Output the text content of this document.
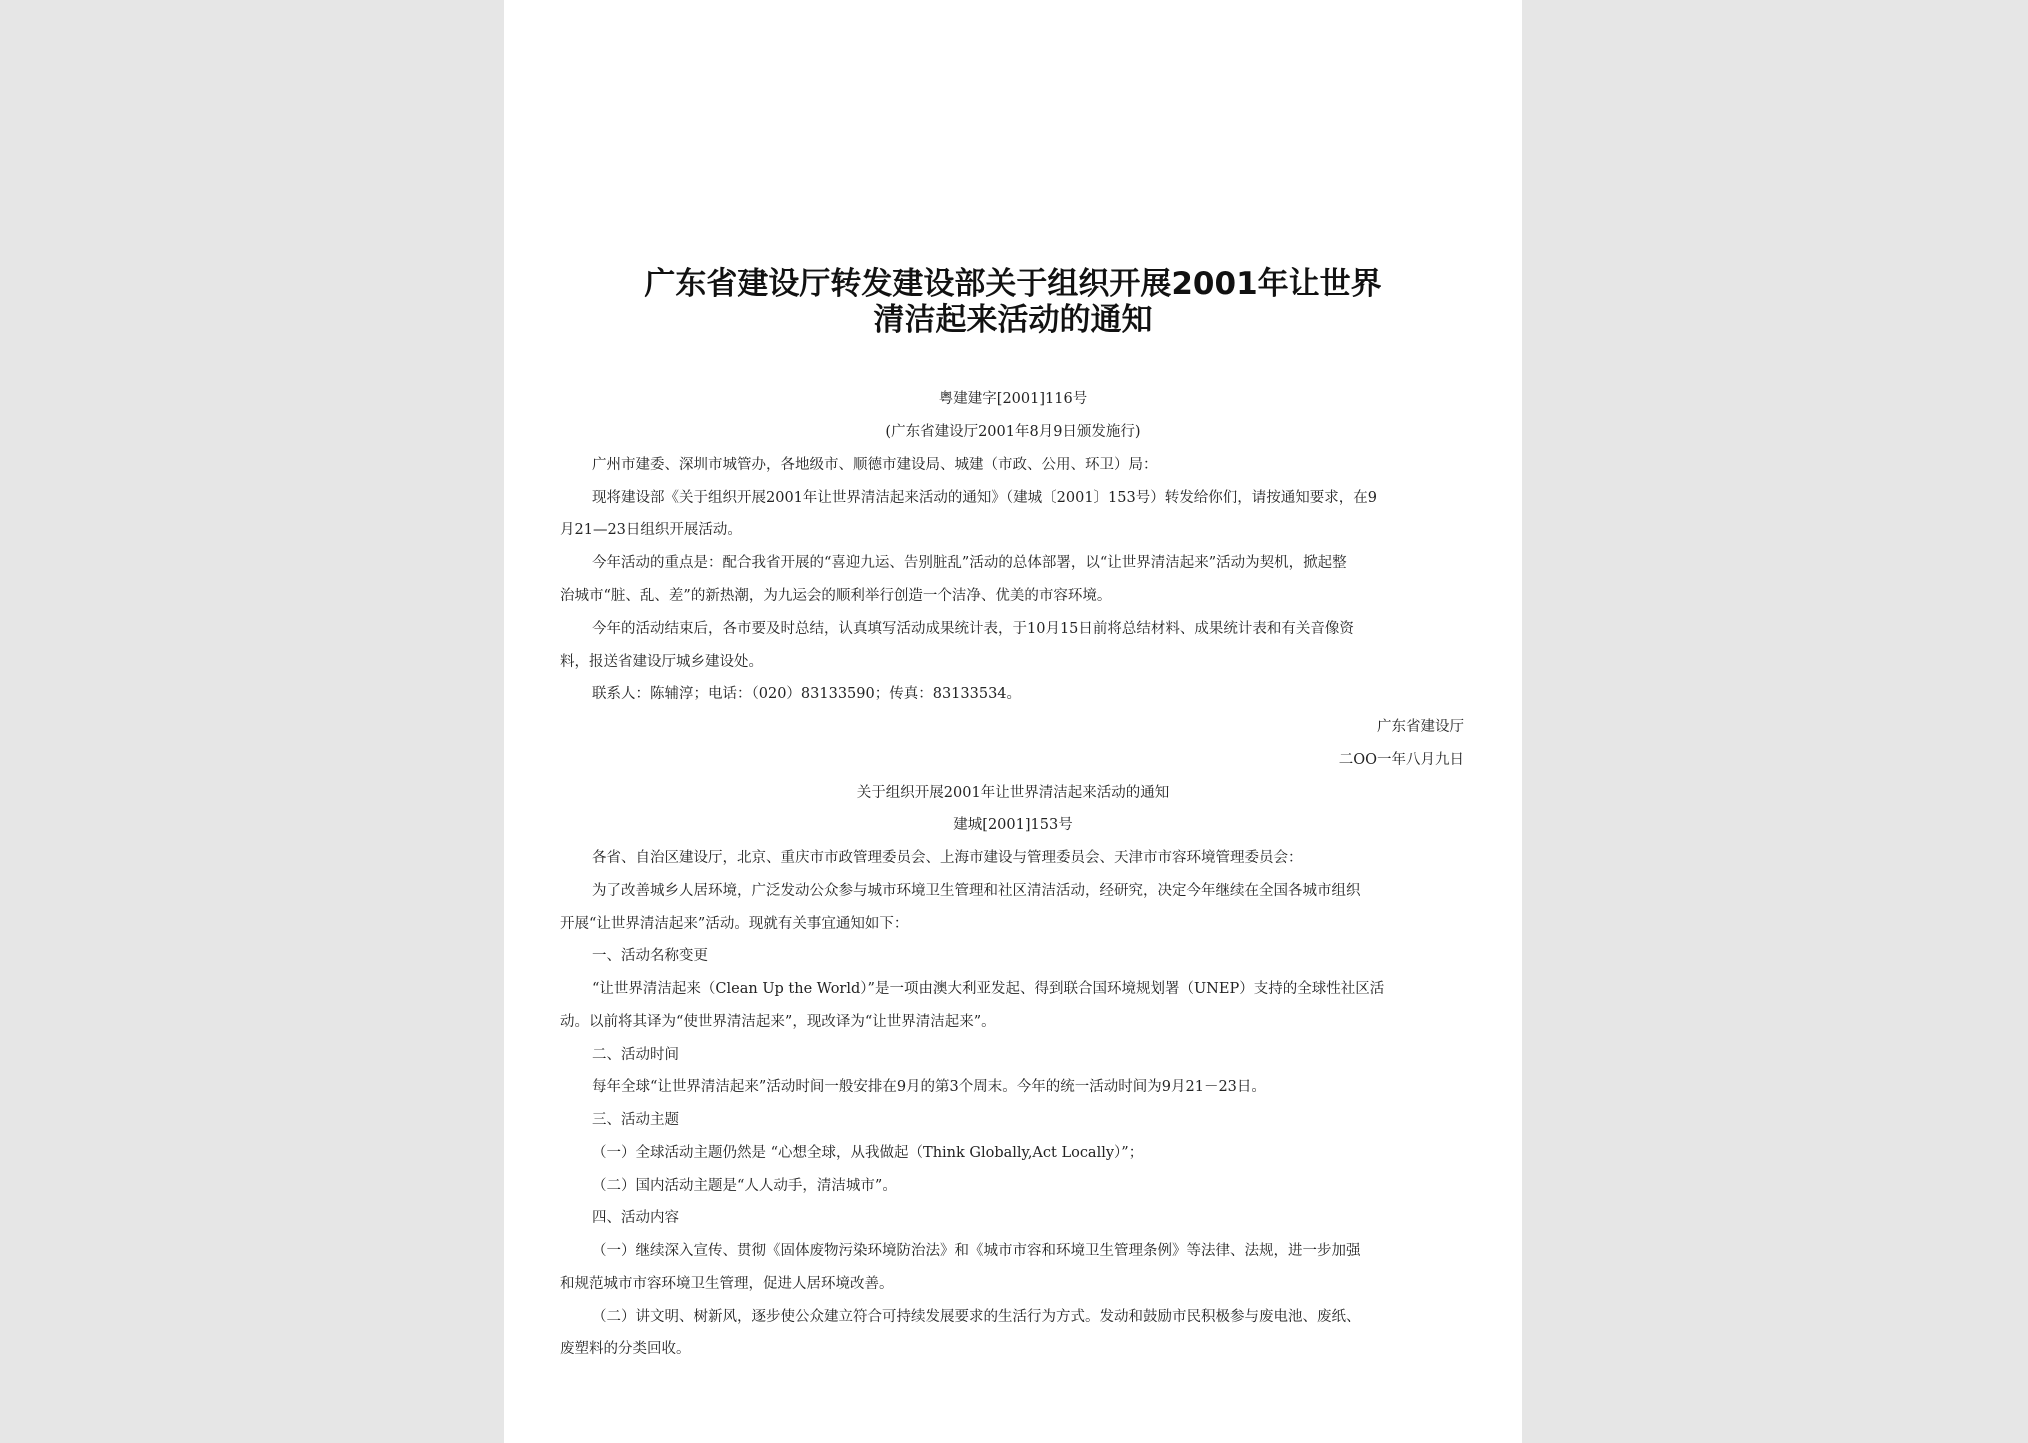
广东省建设厅转发建设部关于组织开展2001年让世界
清洁起来活动的通知
粤建建字[2001]116号
(广东省建设厅2001年8月9日颁发施行)
广州市建委、深圳市城管办，各地级市、顺德市建设局、城建（市政、公用、环卫）局：
现将建设部《关于组织开展2001年让世界清洁起来活动的通知》（建城〔2001〕153号）转发给你们，请按通知要求，在9
月21—23日组织开展活动。
今年活动的重点是：配合我省开展的“喜迎九运、告别脏乱”活动的总体部署，以“让世界清洁起来”活动为契机，掀起整
治城市“脏、乱、差”的新热潮，为九运会的顺利举行创造一个洁净、优美的市容环境。
今年的活动结束后，各市要及时总结，认真填写活动成果统计表，于10月15日前将总结材料、成果统计表和有关音像资
料，报送省建设厅城乡建设处。
联系人：陈辅淳；电话：（020）83133590；传真：83133534。
广东省建设厅
二OO一年八月九日
关于组织开展2001年让世界清洁起来活动的通知
建城[2001]153号
各省、自治区建设厅，北京、重庆市市政管理委员会、上海市建设与管理委员会、天津市市容环境管理委员会：
为了改善城乡人居环境，广泛发动公众参与城市环境卫生管理和社区清洁活动，经研究，决定今年继续在全国各城市组织
开展“让世界清洁起来”活动。现就有关事宜通知如下：
一、活动名称变更
“让世界清洁起来（Clean Up the World）”是一项由澳大利亚发起、得到联合国环境规划署（UNEP）支持的全球性社区活
动。以前将其译为“使世界清洁起来”，现改译为“让世界清洁起来”。
二、活动时间
每年全球“让世界清洁起来”活动时间一般安排在9月的第3个周末。今年的统一活动时间为9月21－23日。
三、活动主题
（一）全球活动主题仍然是 “心想全球，从我做起（Think Globally,Act Locally）”；
（二）国内活动主题是“人人动手，清洁城市”。
四、活动内容
（一）继续深入宣传、贯彻《固体废物污染环境防治法》和《城市市容和环境卫生管理条例》等法律、法规，进一步加强
和规范城市市容环境卫生管理，促进人居环境改善。
（二）讲文明、树新风，逐步使公众建立符合可持续发展要求的生活行为方式。发动和鼓励市民积极参与废电池、废纸、
废塑料的分类回收。
